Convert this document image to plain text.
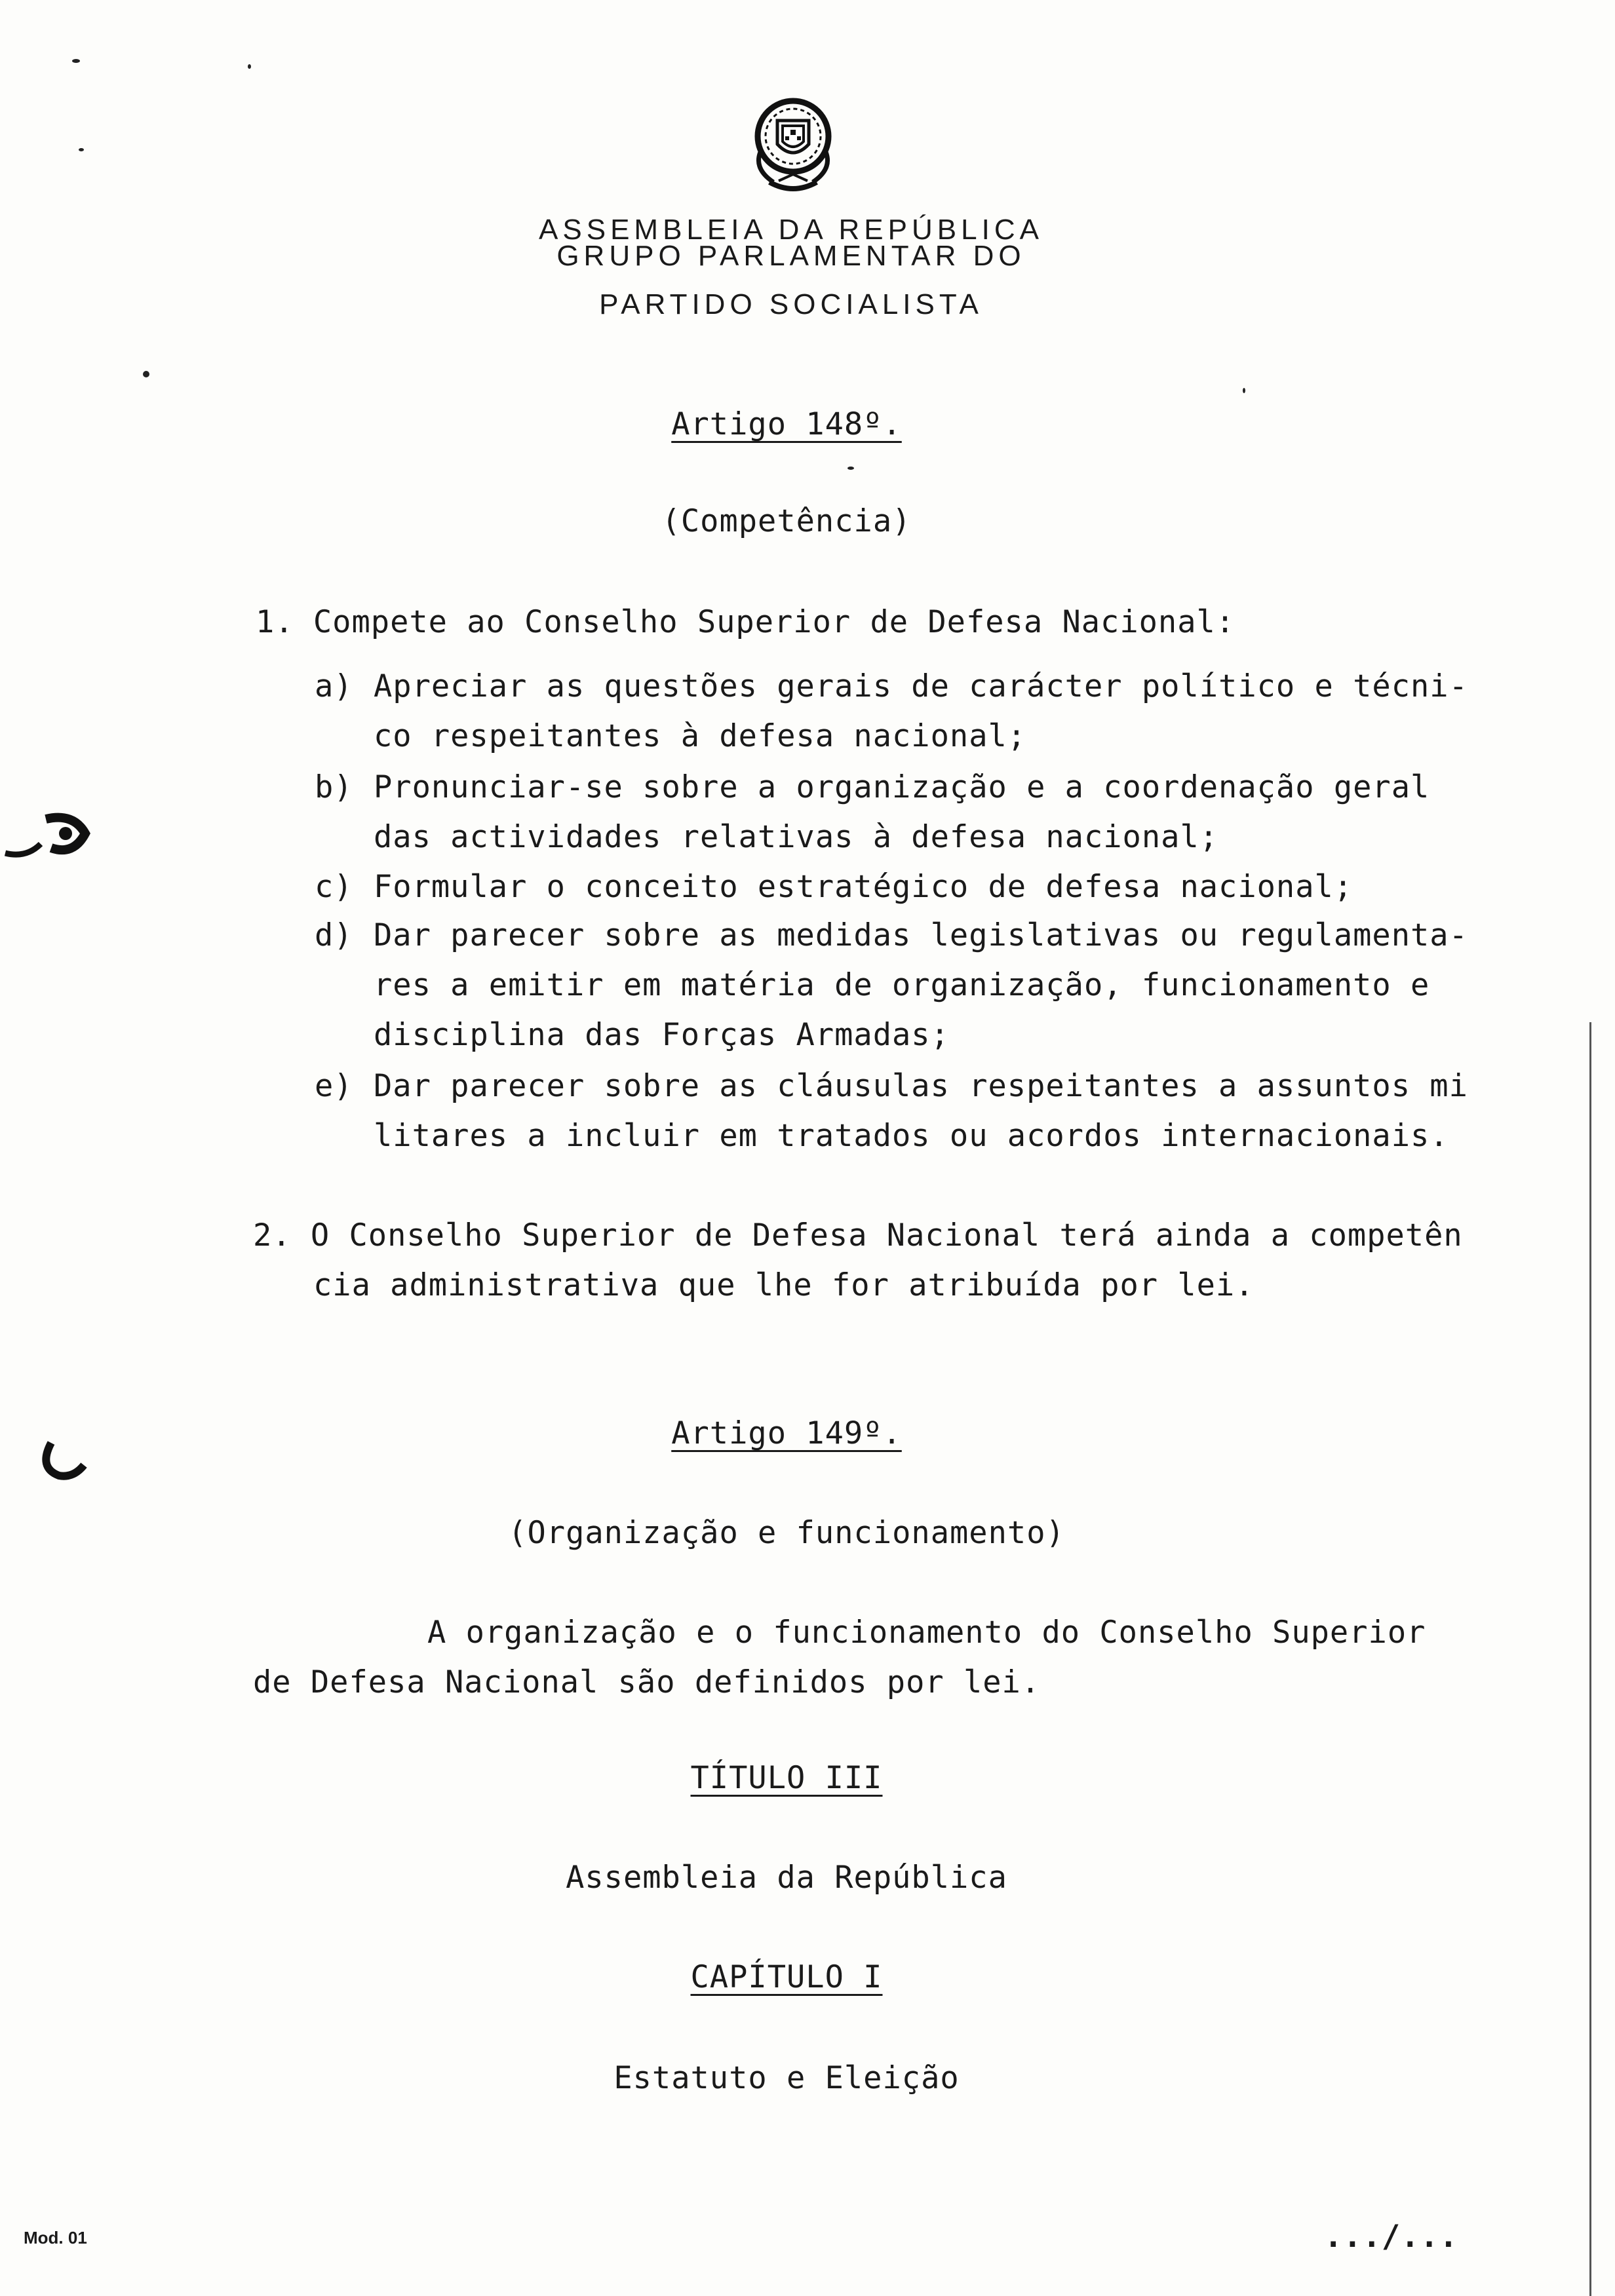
ASSEMBLEIA DA REPÚBLICA
GRUPO PARLAMENTAR DO
PARTIDO SOCIALISTA
Artigo 148º.
(Competência)
1. Compete ao Conselho Superior de Defesa Nacional:
a) Apreciar as questões gerais de carácter político e técni-
co respeitantes à defesa nacional;
b) Pronunciar-se sobre a organização e a coordenação geral
das actividades relativas à defesa nacional;
c) Formular o conceito estratégico de defesa nacional;
d) Dar parecer sobre as medidas legislativas ou regulamenta-
res a emitir em matéria de organização, funcionamento e
disciplina das Forças Armadas;
e) Dar parecer sobre as cláusulas respeitantes a assuntos mi
litares a incluir em tratados ou acordos internacionais.
2. O Conselho Superior de Defesa Nacional terá ainda a competên
cia administrativa que lhe for atribuída por lei.
Artigo 149º.
(Organização e funcionamento)
A organização e o funcionamento do Conselho Superior
de Defesa Nacional são definidos por lei.
TÍTULO III
Assembleia da República
CAPÍTULO I
Estatuto e Eleição
Mod. 01	.../...
